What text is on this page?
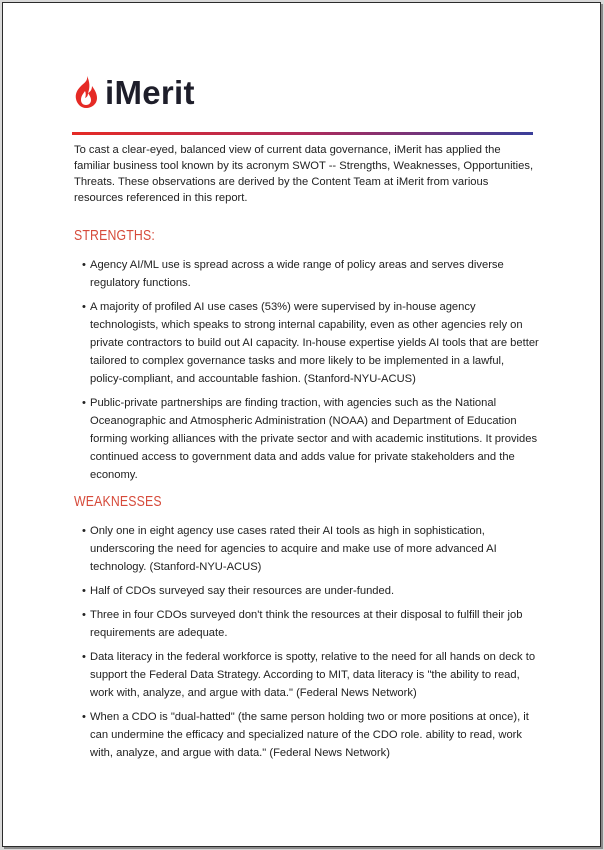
iMerit

To cast a clear-eyed, balanced view of current data governance, iMerit has applied the familiar business tool known by its acronym SWOT -- Strengths, Weaknesses, Opportunities, Threats. These observations are derived by the Content Team at iMerit from various resources referenced in this report.

STRENGTHS:
• Agency AI/ML use is spread across a wide range of policy areas and serves diverse regulatory functions.
• A majority of profiled AI use cases (53%) were supervised by in-house agency technologists, which speaks to strong internal capability, even as other agencies rely on private contractors to build out AI capacity. In-house expertise yields AI tools that are better tailored to complex governance tasks and more likely to be implemented in a lawful, policy-compliant, and accountable fashion. (Stanford-NYU-ACUS)
• Public-private partnerships are finding traction, with agencies such as the National Oceanographic and Atmospheric Administration (NOAA) and Department of Education forming working alliances with the private sector and with academic institutions. It provides continued access to government data and adds value for private stakeholders and the economy.
WEAKNESSES
• Only one in eight agency use cases rated their AI tools as high in sophistication, underscoring the need for agencies to acquire and make use of more advanced AI technology. (Stanford-NYU-ACUS)
• Half of CDOs surveyed say their resources are under-funded.
• Three in four CDOs surveyed don't think the resources at their disposal to fulfill their job requirements are adequate.
• Data literacy in the federal workforce is spotty, relative to the need for all hands on deck to support the Federal Data Strategy. According to MIT, data literacy is "the ability to read, work with, analyze, and argue with data." (Federal News Network)
• When a CDO is "dual-hatted" (the same person holding two or more positions at once), it can undermine the efficacy and specialized nature of the CDO role. ability to read, work with, analyze, and argue with data." (Federal News Network)
